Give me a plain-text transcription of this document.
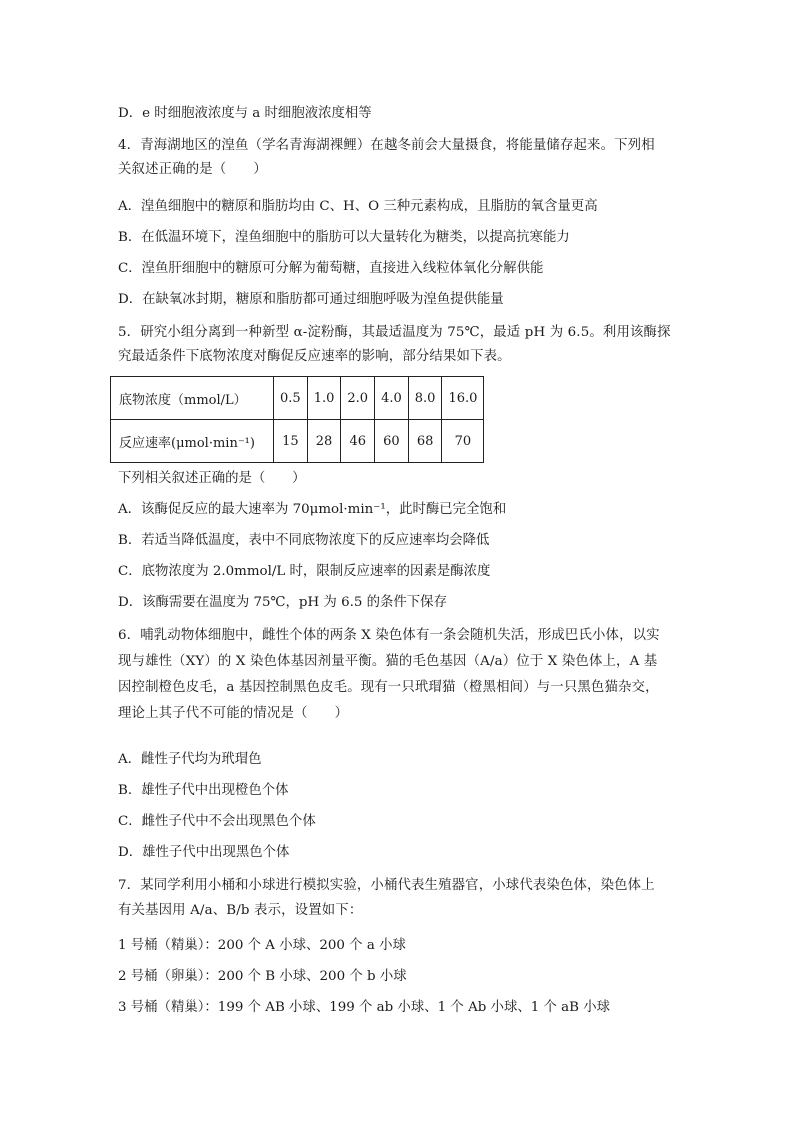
D．e 时细胞液浓度与 a 时细胞液浓度相等
4．青海湖地区的湟鱼（学名青海湖裸鲤）在越冬前会大量摄食，将能量储存起来。下列相
关叙述正确的是（　　）
A．湟鱼细胞中的糖原和脂肪均由 C、H、O 三种元素构成，且脂肪的氧含量更高
B．在低温环境下，湟鱼细胞中的脂肪可以大量转化为糖类，以提高抗寒能力
C．湟鱼肝细胞中的糖原可分解为葡萄糖，直接进入线粒体氧化分解供能
D．在缺氧冰封期，糖原和脂肪都可通过细胞呼吸为湟鱼提供能量
5．研究小组分离到一种新型 α-淀粉酶，其最适温度为 75℃，最适 pH 为 6.5。利用该酶探
究最适条件下底物浓度对酶促反应速率的影响，部分结果如下表。
底物浓度（mmol/L）	0.5	1.0	2.0	4.0	8.0	16.0
反应速率(μmol·min⁻¹)	15	28	46	60	68	70
下列相关叙述正确的是（　　）
A．该酶促反应的最大速率为 70μmol·min⁻¹，此时酶已完全饱和
B．若适当降低温度，表中不同底物浓度下的反应速率均会降低
C．底物浓度为 2.0mmol/L 时，限制反应速率的因素是酶浓度
D．该酶需要在温度为 75℃，pH 为 6.5 的条件下保存
6．哺乳动物体细胞中，雌性个体的两条 X 染色体有一条会随机失活，形成巴氏小体，以实
现与雄性（XY）的 X 染色体基因剂量平衡。猫的毛色基因（A/a）位于 X 染色体上，A 基
因控制橙色皮毛，a 基因控制黑色皮毛。现有一只玳瑁猫（橙黑相间）与一只黑色猫杂交，
理论上其子代不可能的情况是（　　）
A．雌性子代均为玳瑁色
B．雄性子代中出现橙色个体
C．雌性子代中不会出现黑色个体
D．雄性子代中出现黑色个体
7．某同学利用小桶和小球进行模拟实验，小桶代表生殖器官，小球代表染色体，染色体上
有关基因用 A/a、B/b 表示，设置如下：
1 号桶（精巢）：200 个 A 小球、200 个 a 小球
2 号桶（卵巢）：200 个 B 小球、200 个 b 小球
3 号桶（精巢）：199 个 AB 小球、199 个 ab 小球、1 个 Ab 小球、1 个 aB 小球
